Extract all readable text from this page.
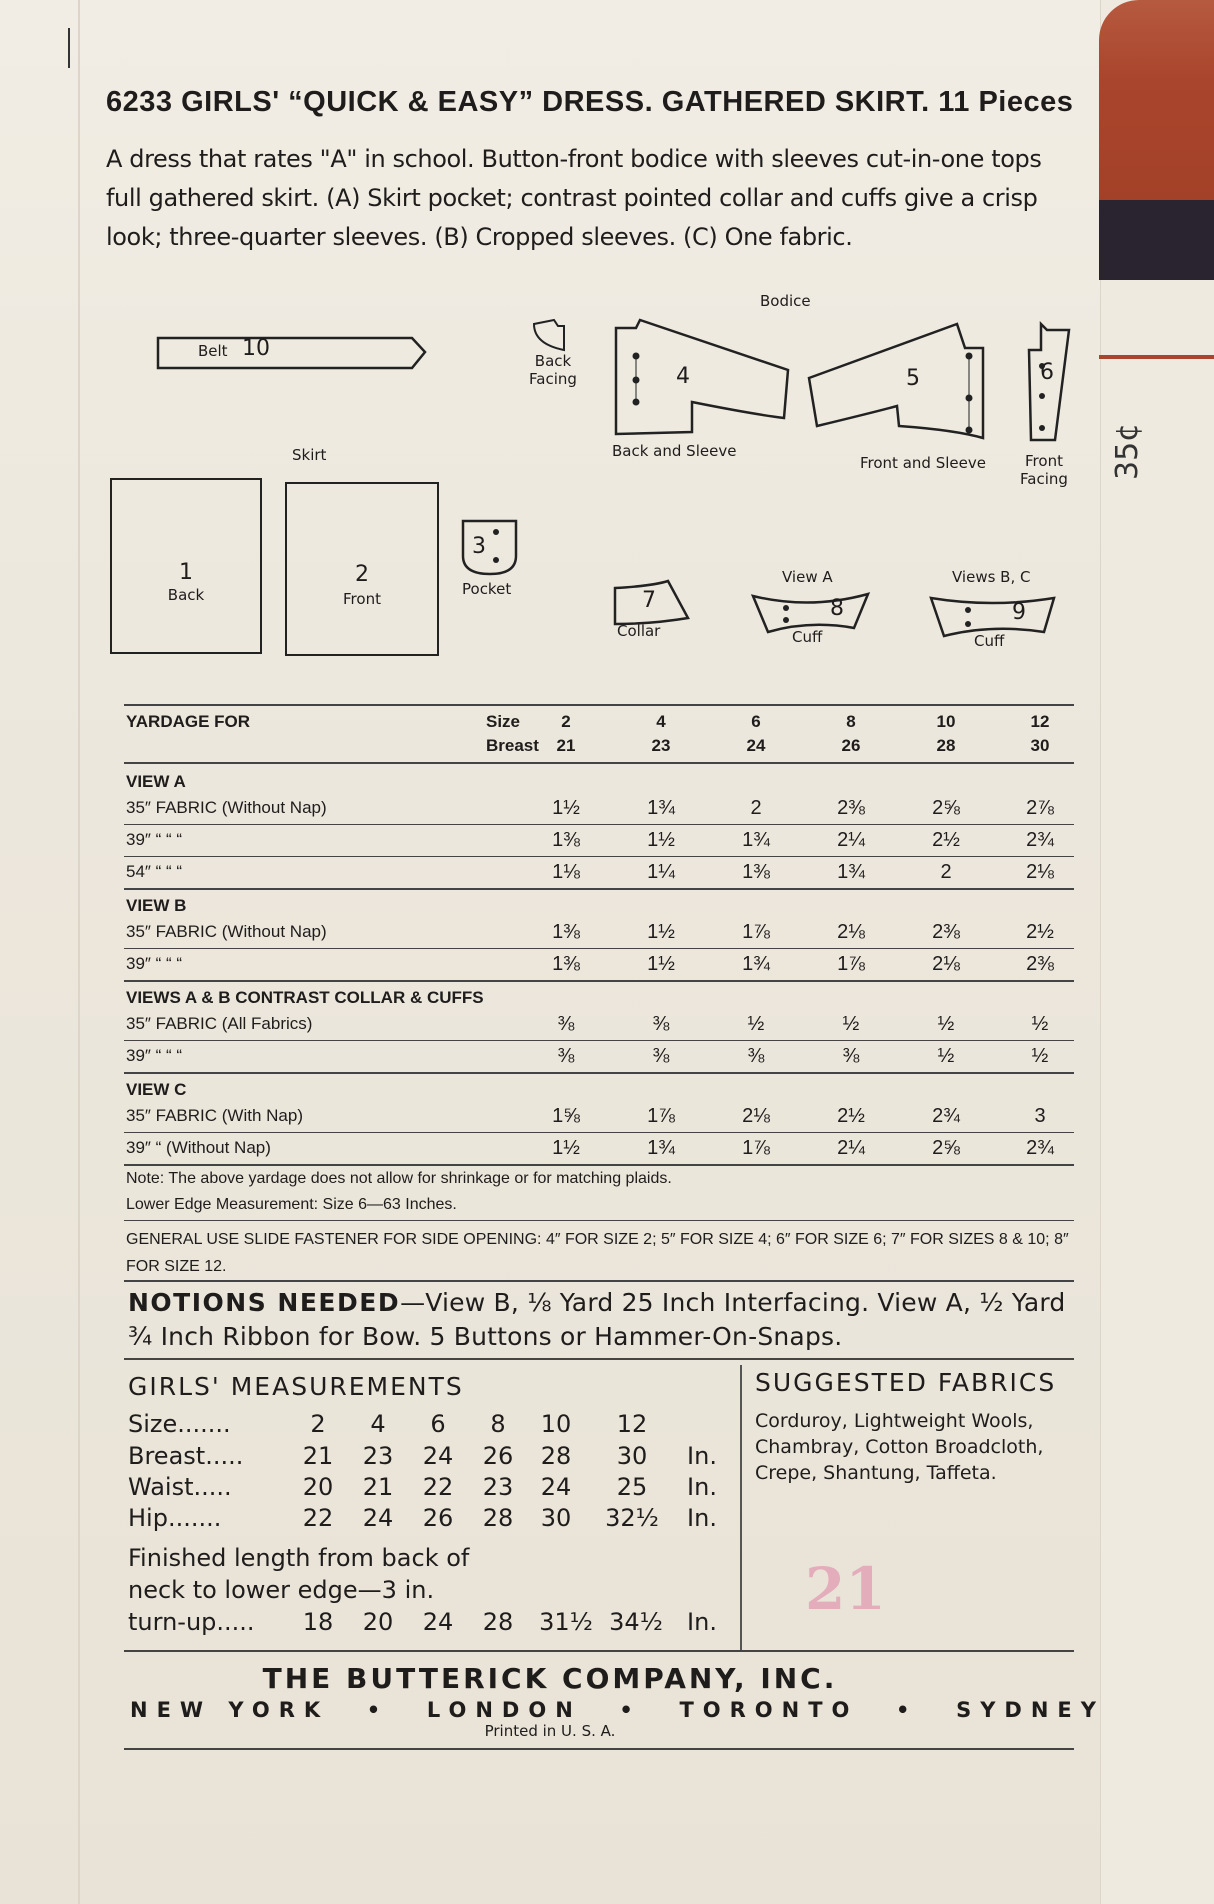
35¢
6233 GIRLS' “QUICK & EASY” DRESS. GATHERED SKIRT. 11 Pieces
A dress that rates "A" in school. Button-front bodice with sleeves cut-in-one tops full gathered skirt. (A) Skirt pocket; contrast pointed collar and cuffs give a crisp look; three-quarter sleeves. (B) Cropped sleeves. (C) One fabric.
Belt 10
Bodice
Back Facing	4
Back and Sleeve
5
Front and Sleeve
6
Front Facing
Skirt
1
Back
2
Front
3
Pocket	7
Collar
View A
8
Cuff
Views B, C
9
Cuff
YARDAGE FOR	Size	2	4	6	8	10	12
Breast	21	23	24	26	28	30
VIEW A
35″ FABRIC (Without Nap)	1½	1¾	2	2⅜	2⅝	2⅞
39″ “ “ “	1⅜	1½	1¾	2¼	2½	2¾
54″ “ “ “	1⅛	1¼	1⅜	1¾	2	2⅛
VIEW B
35″ FABRIC (Without Nap)	1⅜	1½	1⅞	2⅛	2⅜	2½
39″ “ “ “	1⅜	1½	1¾	1⅞	2⅛	2⅜
VIEWS A & B CONTRAST COLLAR & CUFFS
35″ FABRIC (All Fabrics)	⅜	⅜	½	½	½	½
39″ “ “ “	⅜	⅜	⅜	⅜	½	½
VIEW C
35″ FABRIC (With Nap)	1⅝	1⅞	2⅛	2½	2¾	3
39″ “ (Without Nap)	1½	1¾	1⅞	2¼	2⅝	2¾
Note: The above yardage does not allow for shrinkage or for matching plaids.
Lower Edge Measurement: Size 6—63 Inches.
GENERAL USE SLIDE FASTENER FOR SIDE OPENING: 4″ FOR SIZE 2; 5″ FOR SIZE 4; 6″ FOR SIZE 6; 7″ FOR SIZES 8 & 10; 8″ FOR SIZE 12.
NOTIONS NEEDED—View B, ⅛ Yard 25 Inch Interfacing. View A, ½ Yard ¾ Inch Ribbon for Bow. 5 Buttons or Hammer-On-Snaps.
GIRLS' MEASUREMENTS
Size.......	2	4	6	8	10	12
Breast.....	21	23	24	26	28	30	In.
Waist.....	20	21	22	23	24	25	In.
Hip.......	22	24	26	28	30	32½	In.
Finished length from back of
neck to lower edge—3 in.
turn-up.....	18	20	24	28	31½ 34½	In.
SUGGESTED FABRICS
Corduroy, Lightweight Wools, Chambray, Cotton Broadcloth, Crepe, Shantung, Taffeta.
21
THE BUTTERICK COMPANY, INC.
NEW YORK • LONDON • TORONTO • SYDNEY
Printed in U. S. A.
